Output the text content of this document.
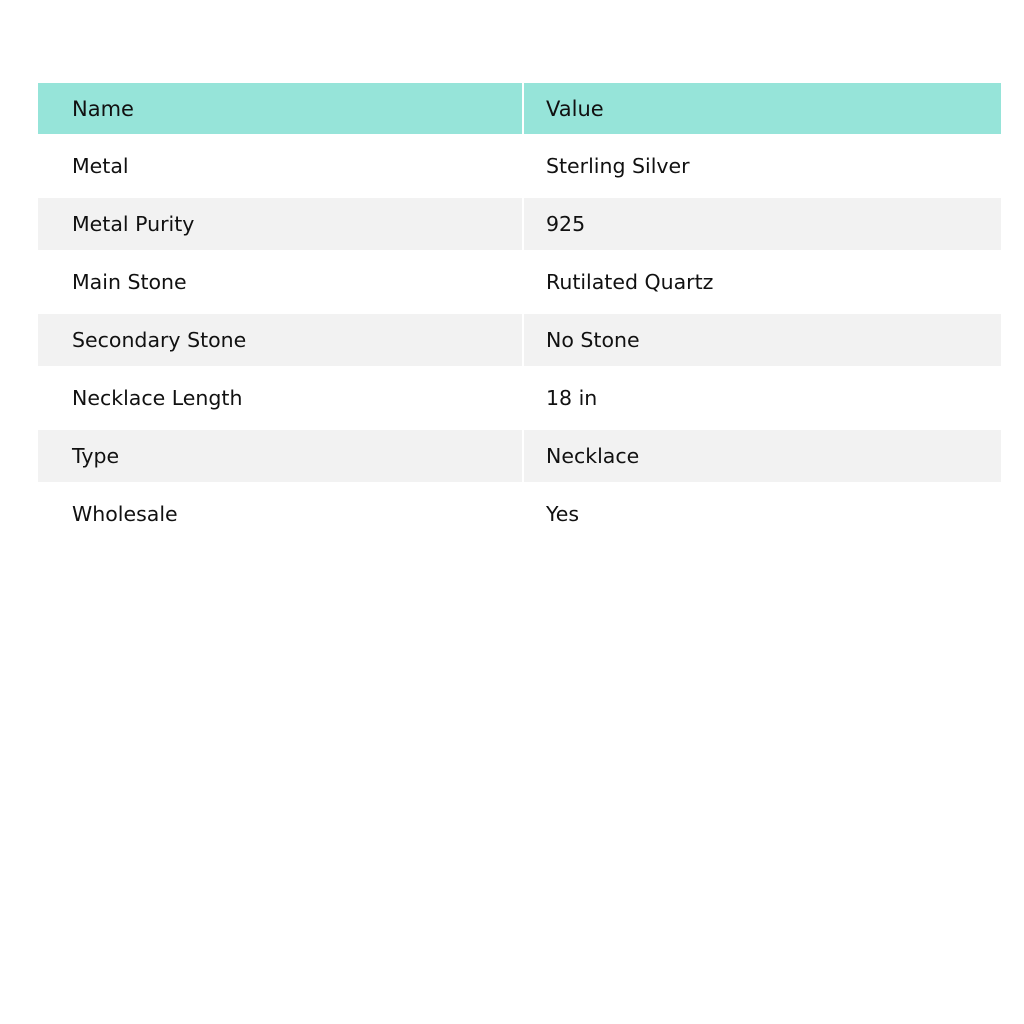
Name	Value
Metal	Sterling Silver
Metal Purity	925
Main Stone	Rutilated Quartz
Secondary Stone	No Stone
Necklace Length	18 in
Type	Necklace
Wholesale	Yes
